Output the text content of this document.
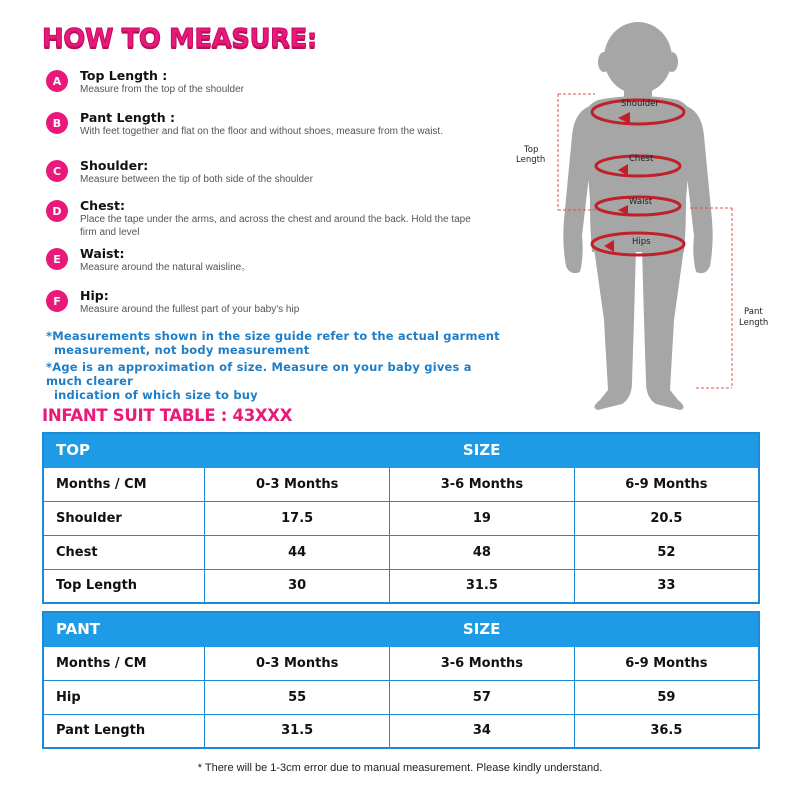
HOW TO MEASURE:
A	Top Length :
Measure from the top of the shoulder
B	Pant Length :
With feet together and flat on the floor and without shoes, measure from the waist.
C	Shoulder:
Measure between the tip of both side of the shoulder
D	Chest:
Place the tape under the arms, and across the chest and around the back. Hold the tape firm and level
E	Waist:
Measure around the natural waisline。
F	Hip:
Measure around the fullest part of your baby's hip
*Measurements shown in the size guide refer to the actual garment
measurement, not body measurement
*Age is an approximation of size. Measure on your baby gives a much clearer
indication of which size to buy
Shoulder
Chest
Waist
Hips
Top
Length
Pant
Length
INFANT SUIT TABLE : 43XXX
TOP	SIZE		
Months / CM	0-3 Months	3-6 Months	6-9 Months
Shoulder	17.5	19	20.5
Chest	44	48	52
Top Length	30	31.5	33
PANT	SIZE		
Months / CM	0-3 Months	3-6 Months	6-9 Months
Hip	55	57	59
Pant Length	31.5	34	36.5
* There will be 1-3cm error due to manual measurement. Please kindly understand.
